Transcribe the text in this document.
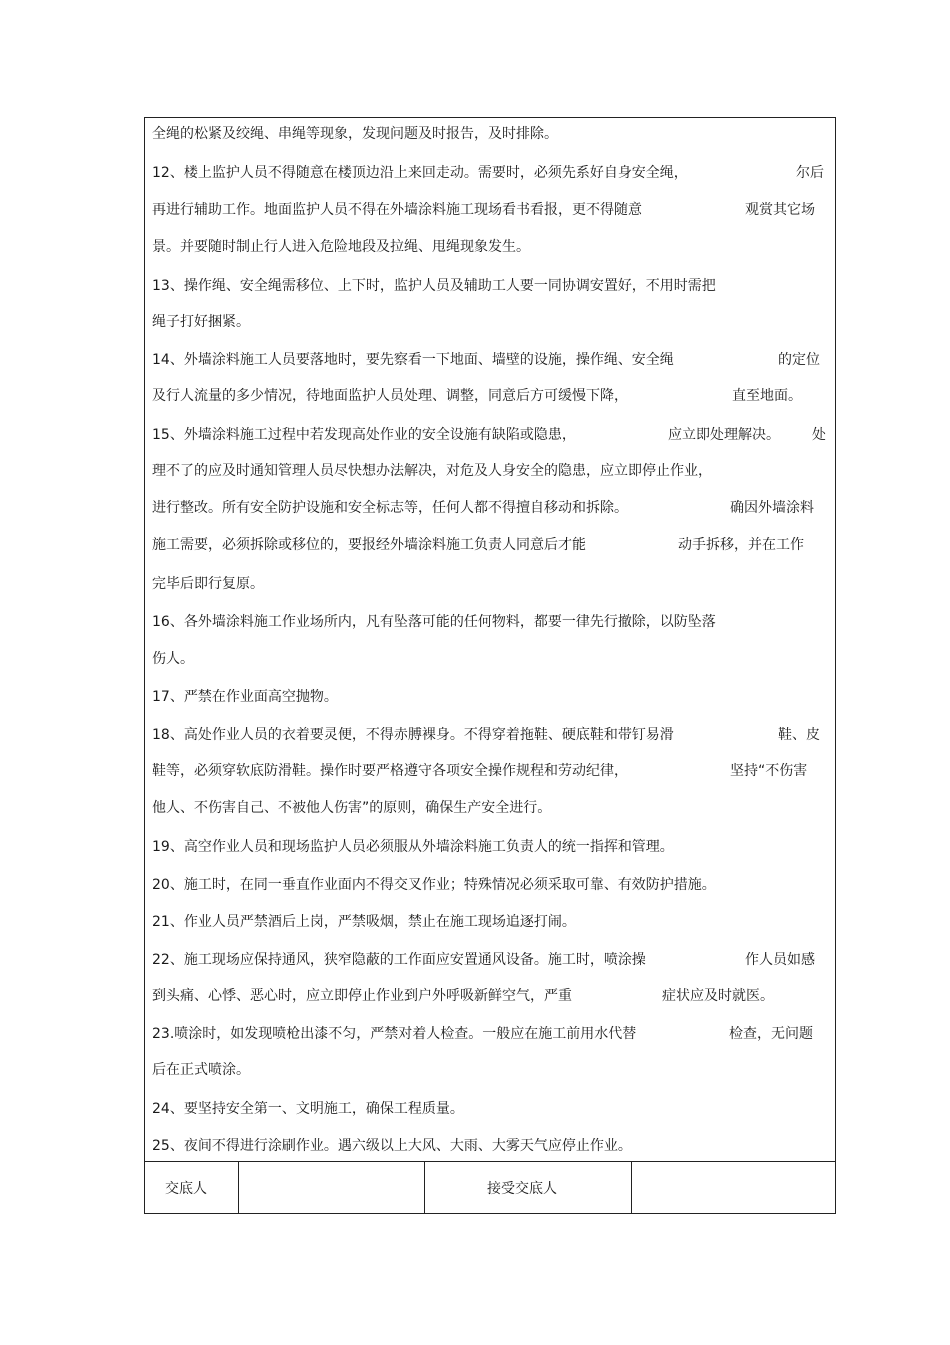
全绳的松紧及绞绳、串绳等现象，发现问题及时报告，及时排除。
12、楼上监护人员不得随意在楼顶边沿上来回走动。需要时，必须先系好自身安全绳，	尔后
再进行辅助工作。地面监护人员不得在外墙涂料施工现场看书看报，更不得随意	观赏其它场
景。并要随时制止行人进入危险地段及拉绳、甩绳现象发生。
13、操作绳、安全绳需移位、上下时，监护人员及辅助工人要一同协调安置好，不用时需把
绳子打好捆紧。
14、外墙涂料施工人员要落地时，要先察看一下地面、墙壁的设施，操作绳、安全绳	的定位
及行人流量的多少情况，待地面监护人员处理、调整，同意后方可缓慢下降，	直至地面。
15、外墙涂料施工过程中若发现高处作业的安全设施有缺陷或隐患，	应立即处理解决。 处
理不了的应及时通知管理人员尽快想办法解决，对危及人身安全的隐患，应立即停止作业，
进行整改。所有安全防护设施和安全标志等，任何人都不得擅自移动和拆除。	确因外墙涂料
施工需要，必须拆除或移位的，要报经外墙涂料施工负责人同意后才能	动手拆移，并在工作
完毕后即行复原。
16、各外墙涂料施工作业场所内，凡有坠落可能的任何物料，都要一律先行撤除，以防坠落
伤人。
17、严禁在作业面高空抛物。
18、高处作业人员的衣着要灵便，不得赤膊裸身。不得穿着拖鞋、硬底鞋和带钉易滑	鞋、皮
鞋等，必须穿软底防滑鞋。操作时要严格遵守各项安全操作规程和劳动纪律，	坚持“不伤害
他人、不伤害自己、不被他人伤害”的原则，确保生产安全进行。
19、高空作业人员和现场监护人员必须服从外墙涂料施工负责人的统一指挥和管理。
20、施工时，在同一垂直作业面内不得交叉作业；特殊情况必须采取可靠、有效防护措施。
21、作业人员严禁酒后上岗，严禁吸烟，禁止在施工现场追逐打闹。
22、施工现场应保持通风，狭窄隐蔽的工作面应安置通风设备。施工时，喷涂操	作人员如感
到头痛、心悸、恶心时，应立即停止作业到户外呼吸新鲜空气，严重	症状应及时就医。
23.喷涂时，如发现喷枪出漆不匀，严禁对着人检查。一般应在施工前用水代替	检查，无问题
后在正式喷涂。
24、要坚持安全第一、文明施工，确保工程质量。
25、夜间不得进行涂刷作业。遇六级以上大风、大雨、大雾天气应停止作业。
交底人	接受交底人
